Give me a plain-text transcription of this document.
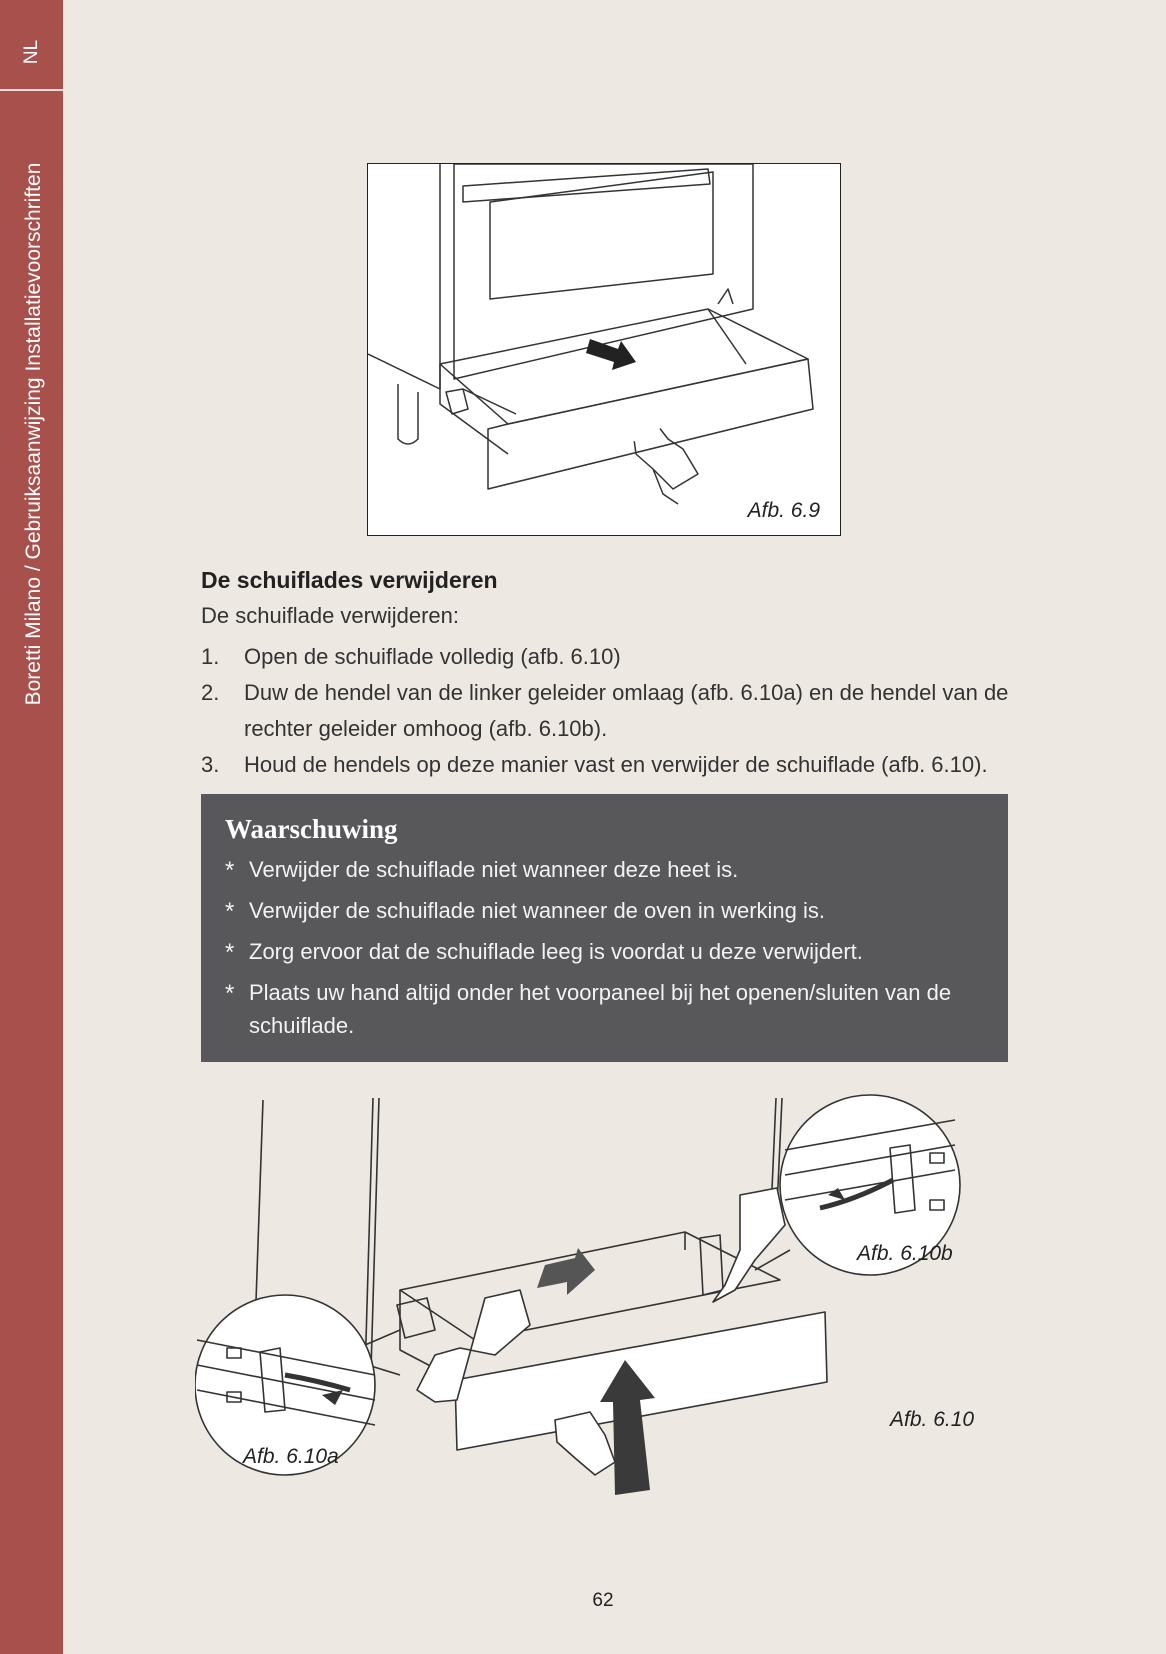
NL
Boretti Milano / Gebruiksaanwijzing Installatievoorschriften	Afb. 6.9
De schuiflades verwijderen
De schuiflade verwijderen:
1. Open de schuiflade volledig (afb. 6.10)
2. Duw de hendel van de linker geleider omlaag (afb. 6.10a) en de hendel van de rechter geleider omhoog (afb. 6.10b).
3. Houd de hendels op deze manier vast en verwijder de schuiflade (afb. 6.10).
Waarschuwing
* Verwijder de schuiflade niet wanneer deze heet is.
* Verwijder de schuiflade niet wanneer de oven in werking is.
* Zorg ervoor dat de schuiflade leeg is voordat u deze verwijdert.
* Plaats uw hand altijd onder het voorpaneel bij het openen/sluiten van de schuiflade.
Afb. 6.10b
Afb. 6.10
Afb. 6.10a
62
